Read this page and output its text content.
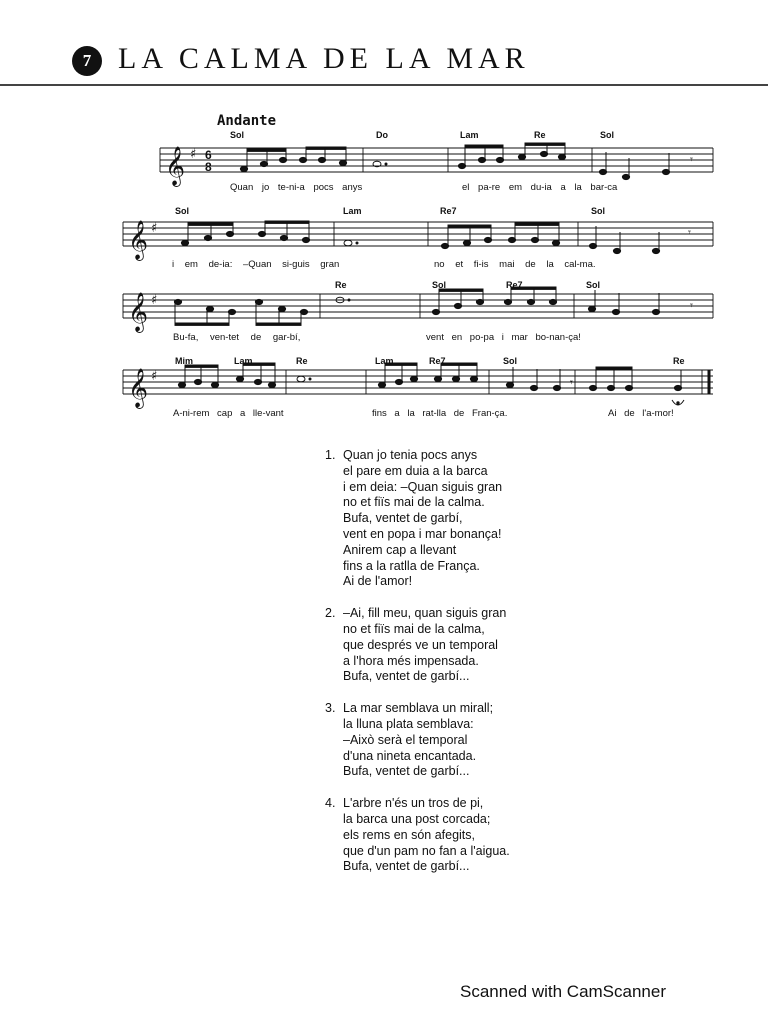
7 LA CALMA DE LA MAR
Andante
𝄞 ♯
𝄞 ♯
𝄞 ♯
𝄞 ♯
6
8
𝄾
𝄾
𝄾
𝄾
Sol	Do	Lam	Re	Sol
Sol	Lam	Re7	Sol
Re	Sol	Re7	Sol
Mim	Lam	Re	Lam	Re7	Sol	Re
Quan jo te-ni-a pocs anys	el pa-re em du-ia a la bar-ca
i em de-ia: –Quan si-guis gran	no et fi-is mai de la cal-ma.
Bu-fa, ven-tet de gar-bí,	vent en po-pa i mar bo-nan-ça!
A-ni-rem cap a lle-vant	fins a la rat-lla de Fran-ça.	Ai de l'a-mor!
1. Quan jo tenia pocs anys
el pare em duia a la barca
i em deia: –Quan siguis gran
no et fiïs mai de la calma.
Bufa, ventet de garbí,
vent en popa i mar bonança!
Anirem cap a llevant
fins a la ratlla de França.
Ai de l'amor!
2. –Ai, fill meu, quan siguis gran
no et fiïs mai de la calma,
que després ve un temporal
a l'hora més impensada.
Bufa, ventet de garbí...
3. La mar semblava un mirall;
la lluna plata semblava:
–Això serà el temporal
d'una nineta encantada.
Bufa, ventet de garbí...
4. L'arbre n'és un tros de pi,
la barca una post corcada;
els rems en són afegits,
que d'un pam no fan a l'aigua.
Bufa, ventet de garbí...
Scanned with CamScanner
